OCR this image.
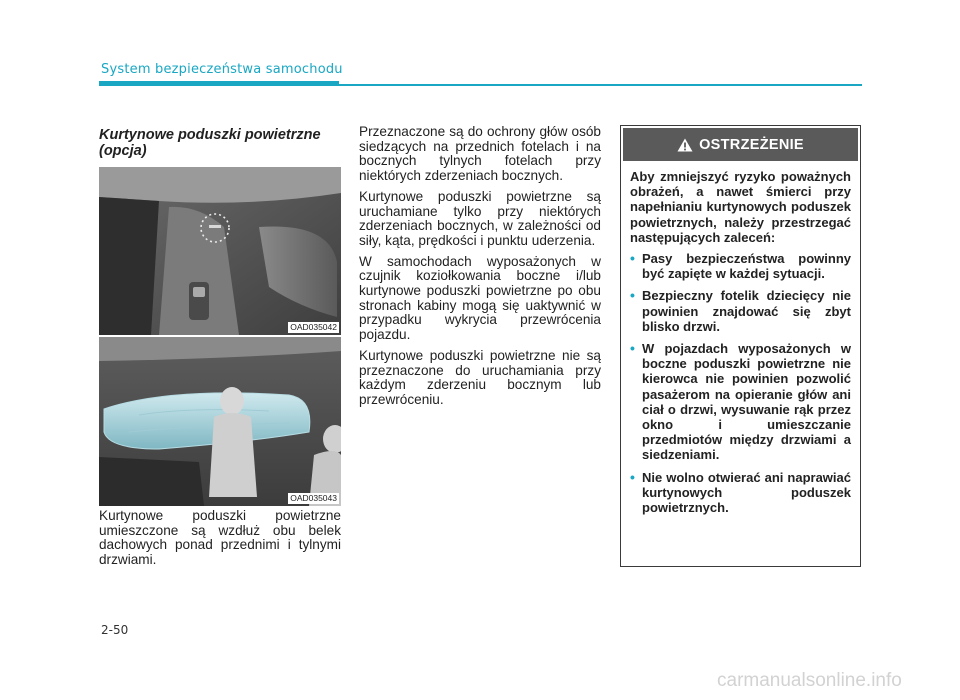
System bezpieczeństwa samochodu
Kurtynowe poduszki powietrzne (opcja)
OAD035042
OAD035043
Kurtynowe poduszki powietrzne umieszczone są wzdłuż obu belek dachowych ponad przednimi i tylnymi drzwiami.

Przeznaczone są do ochrony głów osób siedzących na przednich fotelach i na bocznych tylnych fotelach przy niektórych zderzeniach bocznych.

Kurtynowe poduszki powietrzne są uruchamiane tylko przy niektórych zderzeniach bocznych, w zależności od siły, kąta, prędkości i punktu uderzenia.

W samochodach wyposażonych w czujnik koziołkowania boczne i/lub kurtynowe poduszki powietrzne po obu stronach kabiny mogą się uaktywnić w przypadku wykrycia przewrócenia pojazdu.

Kurtynowe poduszki powietrzne nie są przeznaczone do uruchamiania przy każdym zderzeniu bocznym lub przewróceniu.

OSTRZEŻENIE

Aby zmniejszyć ryzyko poważnych obrażeń, a nawet śmierci przy napełnianiu kurtynowych poduszek powietrznych, należy przestrzegać następujących zaleceń:

• Pasy bezpieczeństwa powinny być zapięte w każdej sytuacji.
• Bezpieczny fotelik dziecięcy nie powinien znajdować się zbyt blisko drzwi.
• W pojazdach wyposażonych w boczne poduszki powietrzne nie kierowca nie powinien pozwolić pasażerom na opieranie głów ani ciał o drzwi, wysuwanie rąk przez okno i umieszczanie przedmiotów między drzwiami a siedzeniami.
• Nie wolno otwierać ani naprawiać kurtynowych poduszek powietrznych.
2-50
carmanualsonline.info
